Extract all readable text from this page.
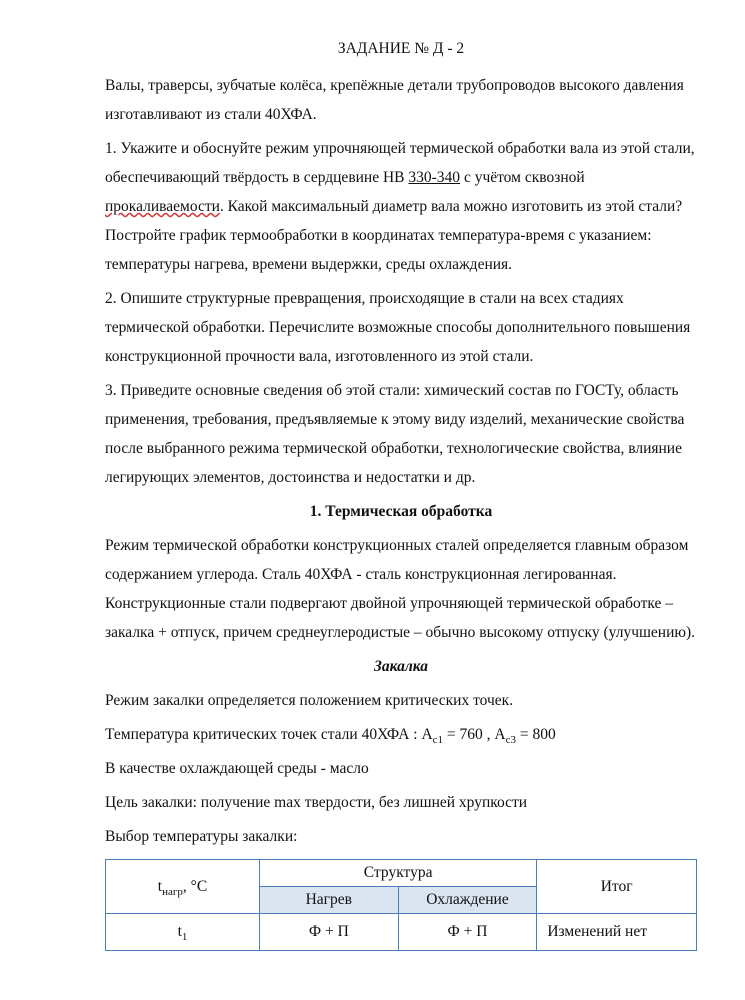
ЗАДАНИЕ № Д - 2

Валы, траверсы, зубчатые колёса, крепёжные детали трубопроводов высокого давления изготавливают из стали 40ХФА.

1. Укажите и обоснуйте режим упрочняющей термической обработки вала из этой стали, обеспечивающий твёрдость в сердцевине НВ 330-340 с учётом сквозной прокаливаемости. Какой максимальный диаметр вала можно изготовить из этой стали? Постройте график термообработки в координатах температура-время с указанием: температуры нагрева, времени выдержки, среды охлаждения.

2. Опишите структурные превращения, происходящие в стали на всех стадиях термической обработки. Перечислите возможные способы дополнительного повышения конструкционной прочности вала, изготовленного из этой стали.

3. Приведите основные сведения об этой стали: химический состав по ГОСТу, область применения, требования, предъявляемые к этому виду изделий, механические свойства после выбранного режима термической обработки, технологические свойства, влияние легирующих элементов, достоинства и недостатки и др.

1. Термическая обработка

Режим термической обработки конструкционных сталей определяется главным образом содержанием углерода. Сталь 40ХФА - сталь конструкционная легированная. Конструкционные стали подвергают двойной упрочняющей термической обработке – закалка + отпуск, причем среднеуглеродистые – обычно высокому отпуску (улучшению).

Закалка

Режим закалки определяется положением критических точек.

Температура критических точек стали 40ХФА : $А_{с1} = 760$ , $А_{с3} = 800$

В качестве охлаждающей среды - масло

Цель закалки: получение max твердости, без лишней хрупкости

Выбор температуры закалки:

$t_{нагр}$, °С	Структура		Итог
	Нагрев	Охлаждение	
$t_1$	Ф + П	Ф + П	Изменений нет
